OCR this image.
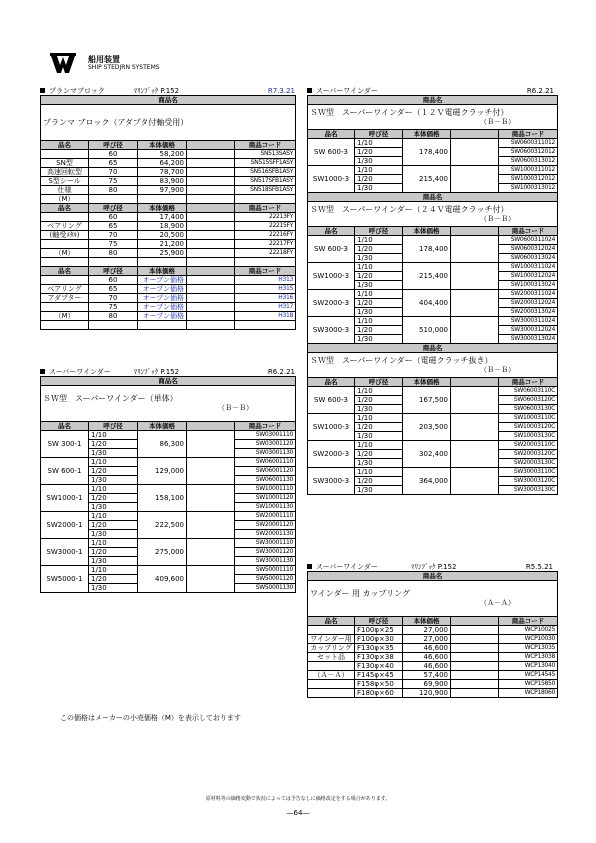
船用装置
SHIP STEDJRN SYSTEMS
プランマブロック	ﾏﾘﾝﾌﾞｯｸ P.152	R7.3.21
商品名				
プランマ ブロック（アダプタ付軸受用）				
品名	呼び径	本体価格		商品コード
	60	58,200		SN513SASY
SN型	65	64,200		SN515SFF1ASY
高速回転型	70	78,700		SN516SFB1ASY
S型シール	75	83,900		SN517SFB1ASY
仕様	80	97,900		SN518SFB1ASY
（M）				
品名	呼び径	本体価格		商品コード
	60	17,400		22213FY
ベアリング	65	18,900		22215FY
(軸受ﾒﾀﾙ)	70	20,500		22216FY
	75	21,200		22217FY
（M）	80	25,900		22218FY

品名	呼び径	本体価格		商品コード
	60	オープン価格		H313
ベアリング	65	オープン価格		H315
アダプター	70	オープン価格		H316
	75	オープン価格		H317
（M）	80	オープン価格		H318

スーパーワインダー	ﾏﾘﾝﾌﾞｯｸ P.152	R6.2.21
商品名				
ＳＷ型　スーパーワインダー（単体）
（Ｂ－Ｂ）				

品名	呼び径	本体価格		商品コード
SW 300-1	1/10	86,300		SW03001110
	1/20			SW03001120
	1/30			SW03001130
SW 600-1	1/10	129,000		SW06001110
	1/20			SW06001120
	1/30			SW06001130
SW1000-1	1/10	158,100		SW10001110
	1/20			SW10001120
	1/30			SW10001130
SW2000-1	1/10	222,500		SW20001110
	1/20			SW20001120
	1/30			SW20001130
SW3000-1	1/10	275,000		SW30001110
	1/20			SW30001120
	1/30			SW30001130
SW5000-1	1/10	409,600		SW50001110
	1/20			SW50001120
	1/30			SW50001130
スーパーワインダー	R6.2.21
商品名				
ＳＷ型　スーパーワインダー（１２Ｖ電磁クラッチ付）
（Ｂ－Ｂ）				

品名	呼び径	本体価格		商品コード
SW 600-3	1/10	178,400		SW0600311012
	1/20			SW0600312012
	1/30			SW0600313012
SW1000-3	1/10	215,400		SW1000311012
	1/20			SW1000312012
	1/30			SW1000313012
商品名				
ＳＷ型　スーパーワインダー（２４Ｖ電磁クラッチ付）
（Ｂ－Ｂ）				

品名	呼び径	本体価格		商品コード
SW 600-3	1/10	178,400		SW0600311024
	1/20			SW0600312024
	1/30			SW0600313024
SW1000-3	1/10	215,400		SW1000311024
	1/20			SW1000312024
	1/30			SW1000313024
SW2000-3	1/10	404,400		SW2000311024
	1/20			SW2000312024
	1/30			SW2000313024
SW3000-3	1/10	510,000		SW3000311024
	1/20			SW3000312024
	1/30			SW3000313024
商品名				
ＳＷ型　スーパーワインダー（電磁クラッチ抜き）
（Ｂ－Ｂ）				

品名	呼び径	本体価格		商品コード
SW 600-3	1/10	167,500		SW06003110C
	1/20			SW06003120C
	1/30			SW06003130C
SW1000-3	1/10	203,500		SW10003110C
	1/20			SW10003120C
	1/30			SW10003130C
SW2000-3	1/10	302,400		SW20003110C
	1/20			SW20003120C
	1/30			SW20003130C
SW3000-3	1/10	364,000		SW30003110C
	1/20			SW30003120C
	1/30			SW30003130C
スーパーワインダー	ﾏﾘﾝﾌﾞｯｸ P.152	R5.5.21
商品名				
ワインダー 用 カップリング
（Ａ－Ａ）				

品名	呼び径	本体価格		商品コード
	F100φ×25	27,000		WCP10025
ワインダー用	F100φ×30	27,000		WCP10030
カップリング	F130φ×35	46,600		WCP13035
セット品	F130φ×38	46,600		WCP13038
	F130φ×40	46,600		WCP13040
（Ａ－Ａ）	F145φ×45	57,400		WCP14545
	F158φ×50	69,900		WCP15850
	F180φ×60	120,900		WCP18060
この価格はメーカーの小売価格（M）を表示しております
原材料等の価格変動で状況によっては予告なしに価格改定をする場合があります。
―64―
